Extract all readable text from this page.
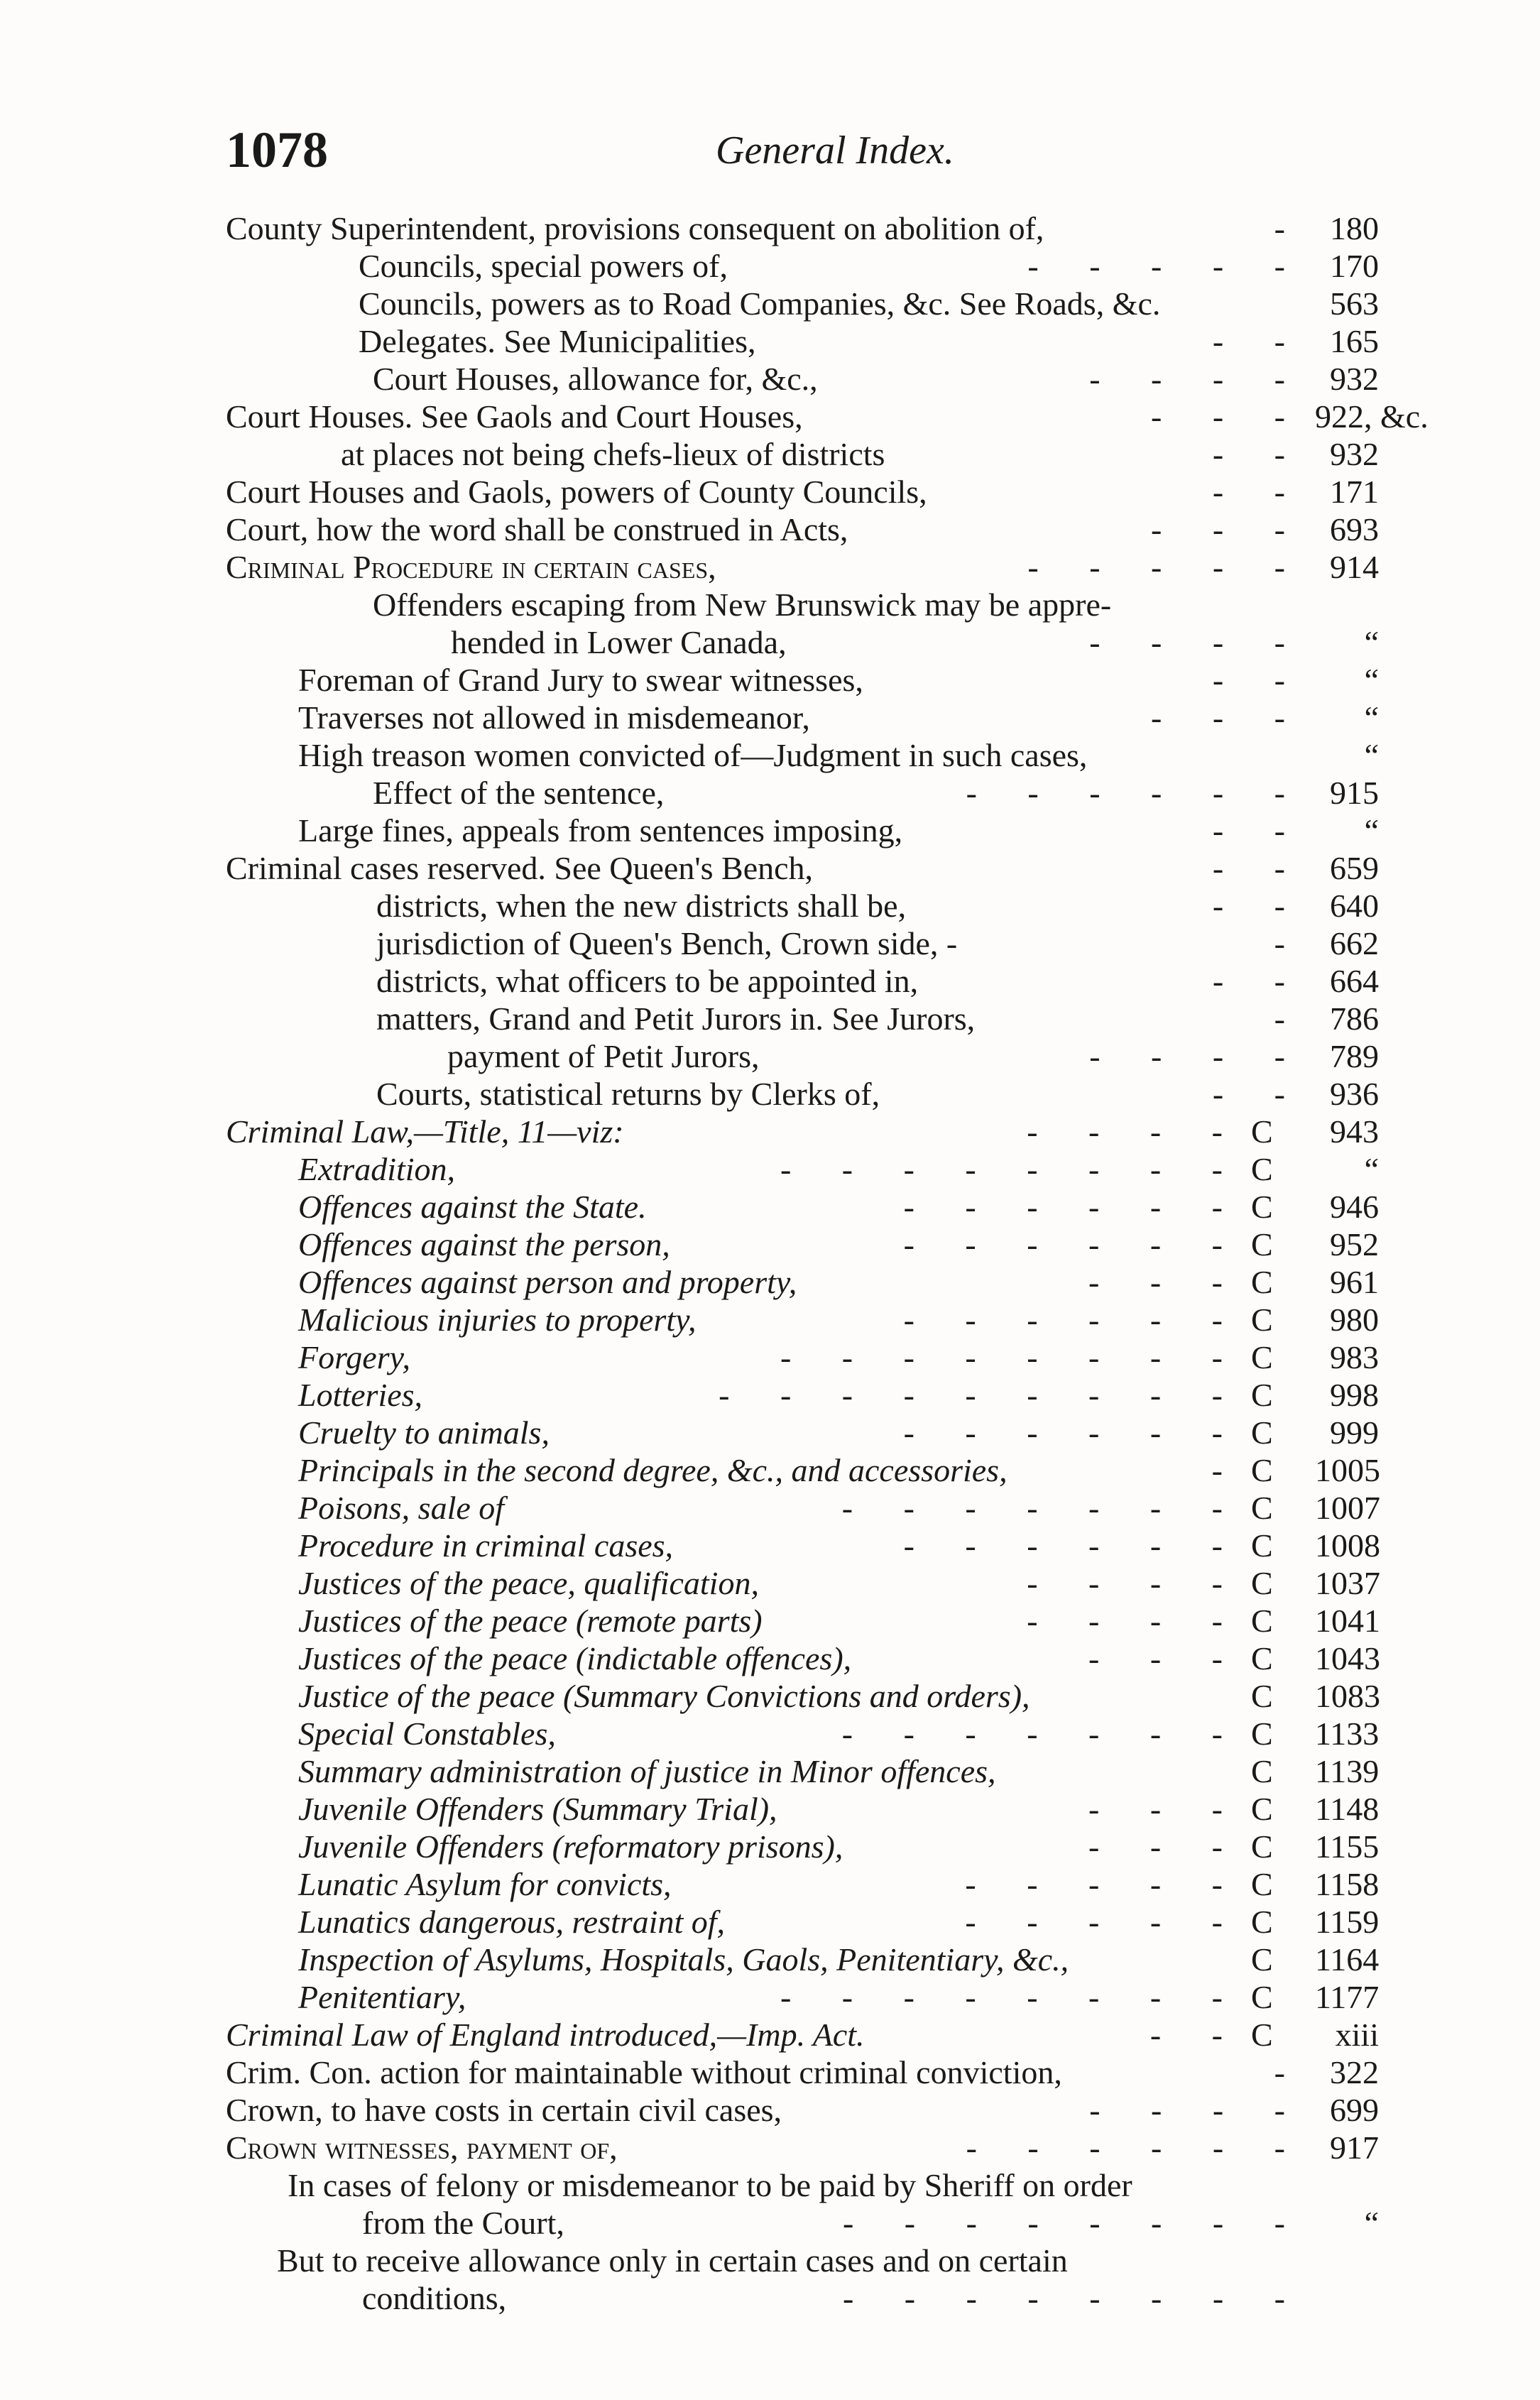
1078	General Index.
County Superintendent, provisions consequent on abolition of,	- 180
Councils, special powers of,	- - - - - 170
Councils, powers as to Road Companies, &c. See Roads, &c.	563
Delegates. See Municipalities,	- - 165
Court Houses, allowance for, &c.,	- - - - 932
Court Houses. See Gaols and Court Houses,	- - - 922, &c.
at places not being chefs-lieux of districts	- - 932
Court Houses and Gaols, powers of County Councils,	- - 171
Court, how the word shall be construed in Acts,	- - - 693
Criminal Procedure in certain cases,	- - - - - 914
Offenders escaping from New Brunswick may be appre-
hended in Lower Canada,	- - - -	“
Foreman of Grand Jury to swear witnesses,	- -	“
Traverses not allowed in misdemeanor,	- - -	“
High treason women convicted of—Judgment in such cases,	“
Effect of the sentence,	- - - - - - 915
Large fines, appeals from sentences imposing,	- -	“
Criminal cases reserved. See Queen's Bench,	- - 659
districts, when the new districts shall be,	- - 640
jurisdiction of Queen's Bench, Crown side, -	- 662
districts, what officers to be appointed in,	- - 664
matters, Grand and Petit Jurors in. See Jurors,	- 786
payment of Petit Jurors,	- - - - 789
Courts, statistical returns by Clerks of,	- - 936
Criminal Law,—Title, 11—viz:	- - - - C	943
Extradition,	- - - - - - - - C	“
Offences against the State.	- - - - - - C	946
Offences against the person,	- - - - - - C	952
Offences against person and property,	- - - C	961
Malicious injuries to property,	- - - - - - C	980
Forgery,	- - - - - - - - C	983
Lotteries,	- - - - - - - - - C	998
Cruelty to animals,	- - - - - - C	999
Principals in the second degree, &c., and accessories,	- C 1005
Poisons, sale of	- - - - - - - C 1007
Procedure in criminal cases,	- - - - - - C 1008
Justices of the peace, qualification,	- - - - C 1037
Justices of the peace (remote parts)	- - - - C 1041
Justices of the peace (indictable offences),	- - - C 1043
Justice of the peace (Summary Convictions and orders),	C 1083
Special Constables,	- - - - - - - C 1133
Summary administration of justice in Minor offences,	C 1139
Juvenile Offenders (Summary Trial),	- - - C 1148
Juvenile Offenders (reformatory prisons),	- - - C 1155
Lunatic Asylum for convicts,	- - - - - C 1158
Lunatics dangerous, restraint of,	- - - - - C 1159
Inspection of Asylums, Hospitals, Gaols, Penitentiary, &c.,	C 1164
Penitentiary,	- - - - - - - - C 1177
Criminal Law of England introduced,—Imp. Act.	- - C	xiii
Crim. Con. action for maintainable without criminal conviction,	- 322
Crown, to have costs in certain civil cases,	- - - - 699
Crown witnesses, payment of,	- - - - - - 917
In cases of felony or misdemeanor to be paid by Sheriff on order
from the Court,	- - - - - - - -	“
But to receive allowance only in certain cases and on certain
conditions,	- - - - - - - -
